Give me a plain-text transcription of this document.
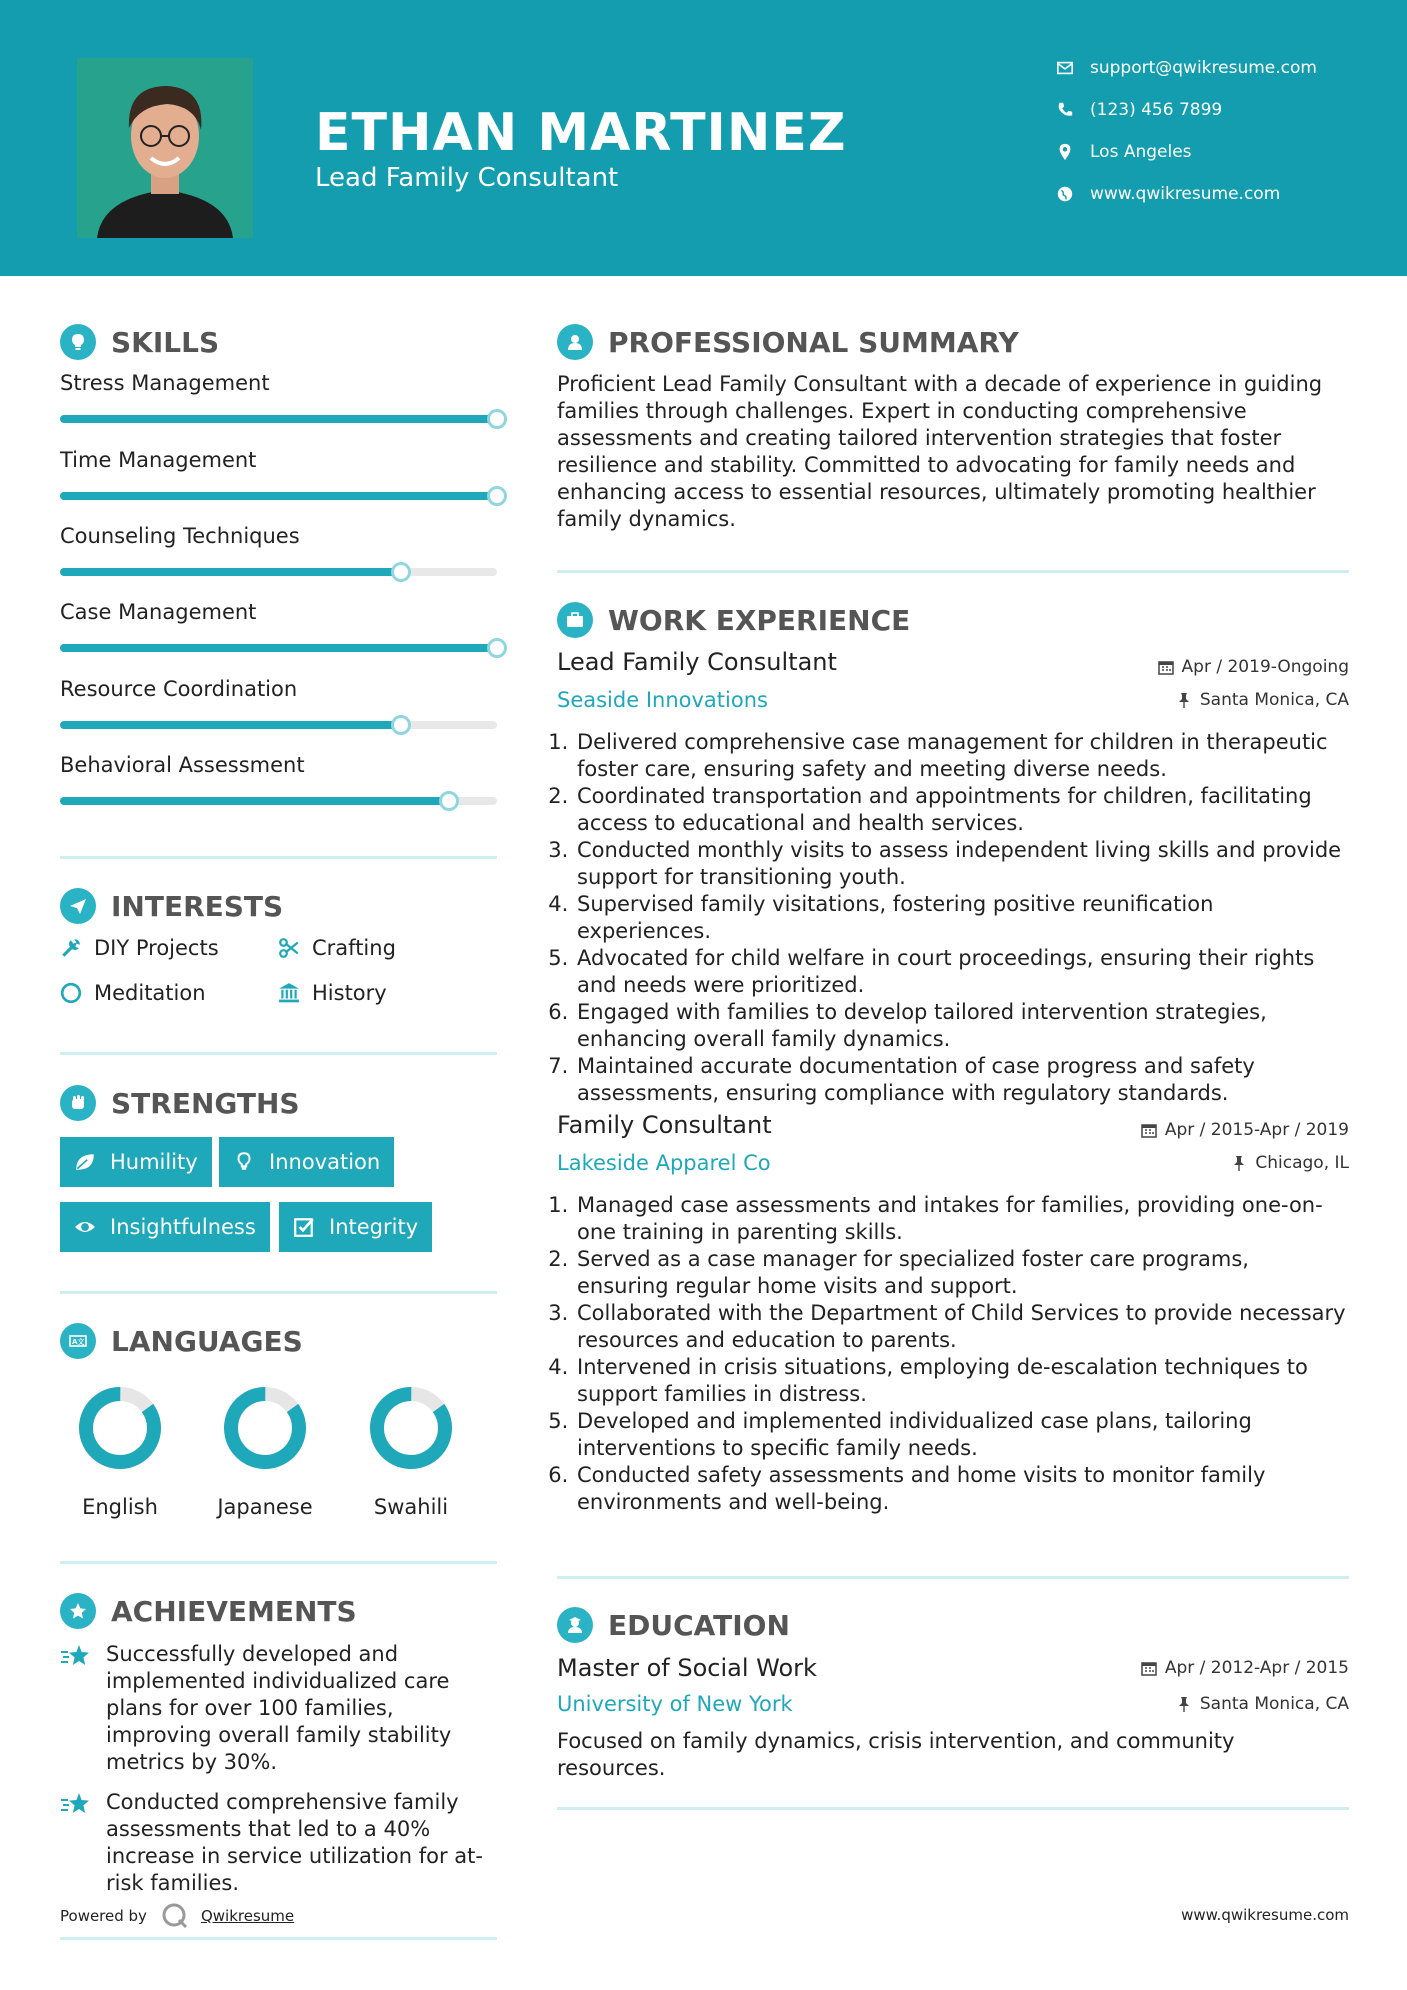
ETHAN MARTINEZ
Lead Family Consultant
support@qwikresume.com
(123) 456 7899
Los Angeles
www.qwikresume.com
SKILLS
Stress Management
Time Management
Counseling Techniques
Case Management
Resource Coordination
Behavioral Assessment
INTERESTS
DIY Projects	Crafting
Meditation	History
STRENGTHS
Humility	Innovation
Insightfulness	Integrity
A文 LANGUAGES
English	Japanese	Swahili
ACHIEVEMENTS
Successfully developed and implemented individualized care plans for over 100 families, improving overall family stability metrics by 30%.
Conducted comprehensive family assessments that led to a 40% increase in service utilization for at-risk families.
PROFESSIONAL SUMMARY
Proficient Lead Family Consultant with a decade of experience in guiding families through challenges. Expert in conducting comprehensive assessments and creating tailored intervention strategies that foster resilience and stability. Committed to advocating for family needs and enhancing access to essential resources, ultimately promoting healthier family dynamics.
WORK EXPERIENCE
Lead Family Consultant	Apr / 2019-Ongoing
Seaside Innovations	Santa Monica, CA
1. Delivered comprehensive case management for children in therapeutic foster care, ensuring safety and meeting diverse needs.
2. Coordinated transportation and appointments for children, facilitating access to educational and health services.
3. Conducted monthly visits to assess independent living skills and provide support for transitioning youth.
4. Supervised family visitations, fostering positive reunification experiences.
5. Advocated for child welfare in court proceedings, ensuring their rights and needs were prioritized.
6. Engaged with families to develop tailored intervention strategies, enhancing overall family dynamics.
7. Maintained accurate documentation of case progress and safety assessments, ensuring compliance with regulatory standards.
Family Consultant	Apr / 2015-Apr / 2019
Lakeside Apparel Co	Chicago, IL
1. Managed case assessments and intakes for families, providing one-on-one training in parenting skills.
2. Served as a case manager for specialized foster care programs, ensuring regular home visits and support.
3. Collaborated with the Department of Child Services to provide necessary resources and education to parents.
4. Intervened in crisis situations, employing de-escalation techniques to support families in distress.
5. Developed and implemented individualized case plans, tailoring interventions to specific family needs.
6. Conducted safety assessments and home visits to monitor family environments and well-being.
EDUCATION
Master of Social Work	Apr / 2012-Apr / 2015
University of New York	Santa Monica, CA
Focused on family dynamics, crisis intervention, and community resources.
Powered by	Qwikresume	www.qwikresume.com
